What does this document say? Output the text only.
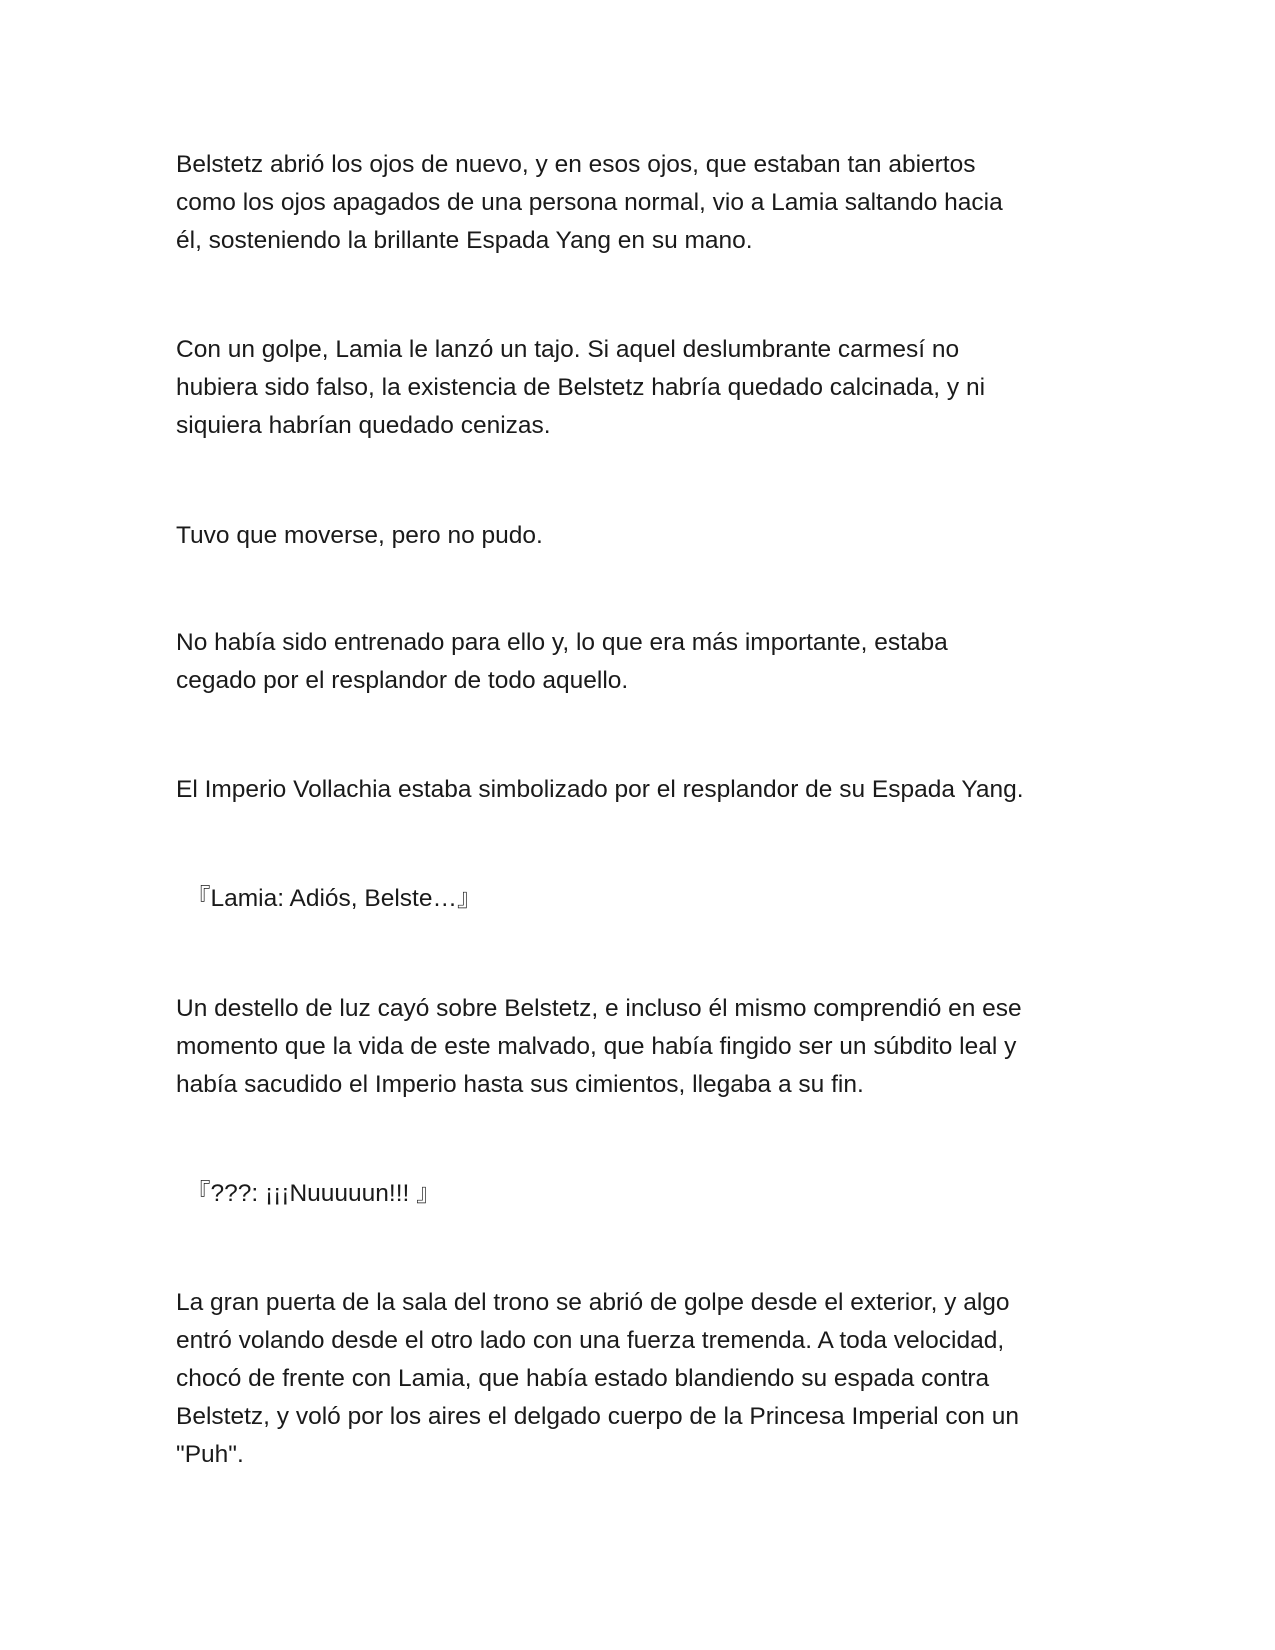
Belstetz abrió los ojos de nuevo, y en esos ojos, que estaban tan abiertos
como los ojos apagados de una persona normal, vio a Lamia saltando hacia
él, sosteniendo la brillante Espada Yang en su mano.

Con un golpe, Lamia le lanzó un tajo. Si aquel deslumbrante carmesí no
hubiera sido falso, la existencia de Belstetz habría quedado calcinada, y ni
siquiera habrían quedado cenizas.

Tuvo que moverse, pero no pudo.

No había sido entrenado para ello y, lo que era más importante, estaba
cegado por el resplandor de todo aquello.

El Imperio Vollachia estaba simbolizado por el resplandor de su Espada Yang.

『Lamia: Adiós, Belste…』

Un destello de luz cayó sobre Belstetz, e incluso él mismo comprendió en ese
momento que la vida de este malvado, que había fingido ser un súbdito leal y
había sacudido el Imperio hasta sus cimientos, llegaba a su fin.

『???: ¡¡¡Nuuuuun!!! 』

La gran puerta de la sala del trono se abrió de golpe desde el exterior, y algo
entró volando desde el otro lado con una fuerza tremenda. A toda velocidad,
chocó de frente con Lamia, que había estado blandiendo su espada contra
Belstetz, y voló por los aires el delgado cuerpo de la Princesa Imperial con un
"Puh".
